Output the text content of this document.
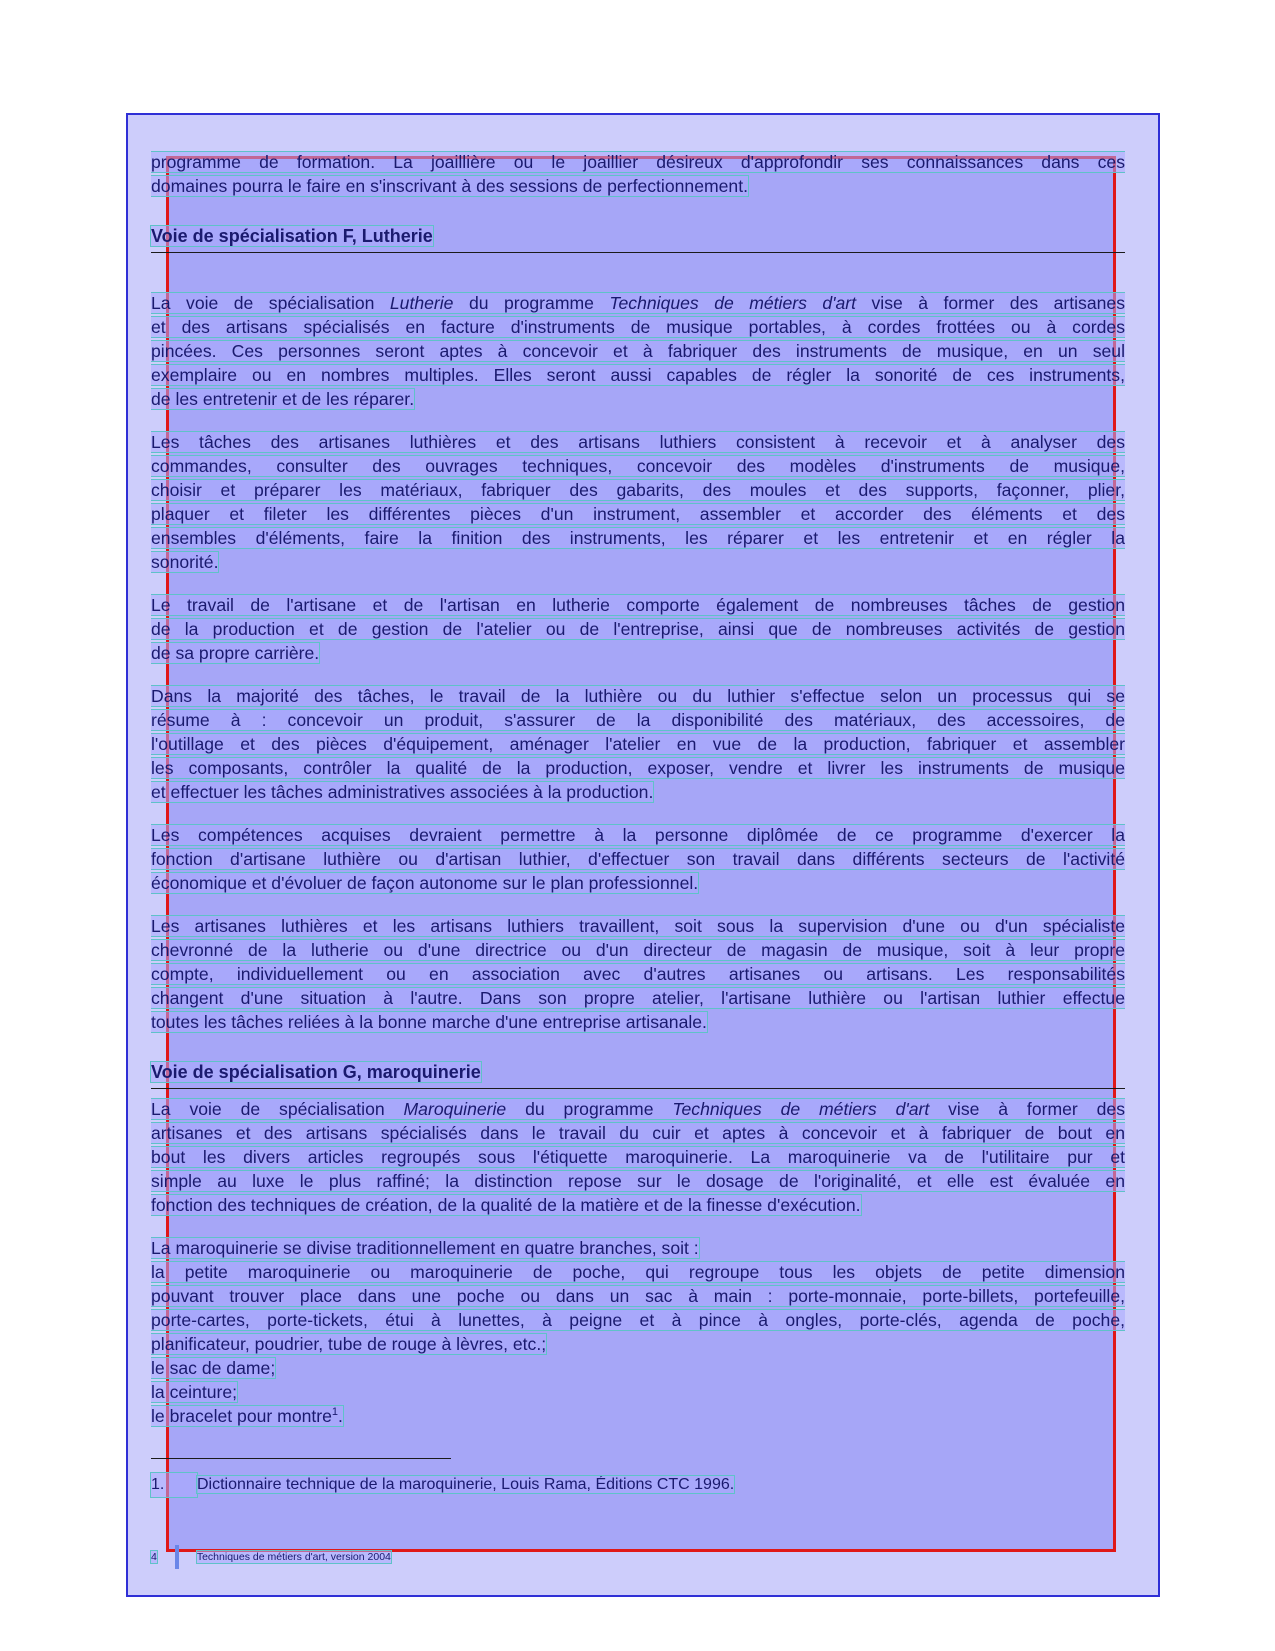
programme de formation. La joaillière ou le joaillier désireux d'approfondir ses connaissances dans ces
domaines pourra le faire en s'inscrivant à des sessions de perfectionnement.

Voie de spécialisation F, Lutherie

La voie de spécialisation Lutherie du programme Techniques de métiers d'art vise à former des artisanes
et des artisans spécialisés en facture d'instruments de musique portables, à cordes frottées ou à cordes
pincées. Ces personnes seront aptes à concevoir et à fabriquer des instruments de musique, en un seul
exemplaire ou en nombres multiples. Elles seront aussi capables de régler la sonorité de ces instruments,
de les entretenir et de les réparer.

Les tâches des artisanes luthières et des artisans luthiers consistent à recevoir et à analyser des
commandes, consulter des ouvrages techniques, concevoir des modèles d'instruments de musique,
choisir et préparer les matériaux, fabriquer des gabarits, des moules et des supports, façonner, plier,
plaquer et fileter les différentes pièces d'un instrument, assembler et accorder des éléments et des
ensembles d'éléments, faire la finition des instruments, les réparer et les entretenir et en régler la
sonorité.

Le travail de l'artisane et de l'artisan en lutherie comporte également de nombreuses tâches de gestion
de la production et de gestion de l'atelier ou de l'entreprise, ainsi que de nombreuses activités de gestion
de sa propre carrière.

Dans la majorité des tâches, le travail de la luthière ou du luthier s'effectue selon un processus qui se
résume à : concevoir un produit, s'assurer de la disponibilité des matériaux, des accessoires, de
l'outillage et des pièces d'équipement, aménager l'atelier en vue de la production, fabriquer et assembler
les composants, contrôler la qualité de la production, exposer, vendre et livrer les instruments de musique
et effectuer les tâches administratives associées à la production.

Les compétences acquises devraient permettre à la personne diplômée de ce programme d'exercer la
fonction d'artisane luthière ou d'artisan luthier, d'effectuer son travail dans différents secteurs de l'activité
économique et d'évoluer de façon autonome sur le plan professionnel.

Les artisanes luthières et les artisans luthiers travaillent, soit sous la supervision d'une ou d'un spécialiste
chevronné de la lutherie ou d'une directrice ou d'un directeur de magasin de musique, soit à leur propre
compte, individuellement ou en association avec d'autres artisanes ou artisans. Les responsabilités
changent d'une situation à l'autre. Dans son propre atelier, l'artisane luthière ou l'artisan luthier effectue
toutes les tâches reliées à la bonne marche d'une entreprise artisanale.

Voie de spécialisation G, maroquinerie

La voie de spécialisation Maroquinerie du programme Techniques de métiers d'art vise à former des
artisanes et des artisans spécialisés dans le travail du cuir et aptes à concevoir et à fabriquer de bout en
bout les divers articles regroupés sous l'étiquette maroquinerie. La maroquinerie va de l'utilitaire pur et
simple au luxe le plus raffiné; la distinction repose sur le dosage de l'originalité, et elle est évaluée en
fonction des techniques de création, de la qualité de la matière et de la finesse d'exécution.

La maroquinerie se divise traditionnellement en quatre branches, soit :
la petite maroquinerie ou maroquinerie de poche, qui regroupe tous les objets de petite dimension
pouvant trouver place dans une poche ou dans un sac à main : porte-monnaie, porte-billets, portefeuille,
porte-cartes, porte-tickets, étui à lunettes, à peigne et à pince à ongles, porte-clés, agenda de poche,
planificateur, poudrier, tube de rouge à lèvres, etc.;
le sac de dame;
la ceinture;
le bracelet pour montre$^1$.

1. Dictionnaire technique de la maroquinerie, Louis Rama, Éditions CTC 1996.
4	Techniques de métiers d'art, version 2004
